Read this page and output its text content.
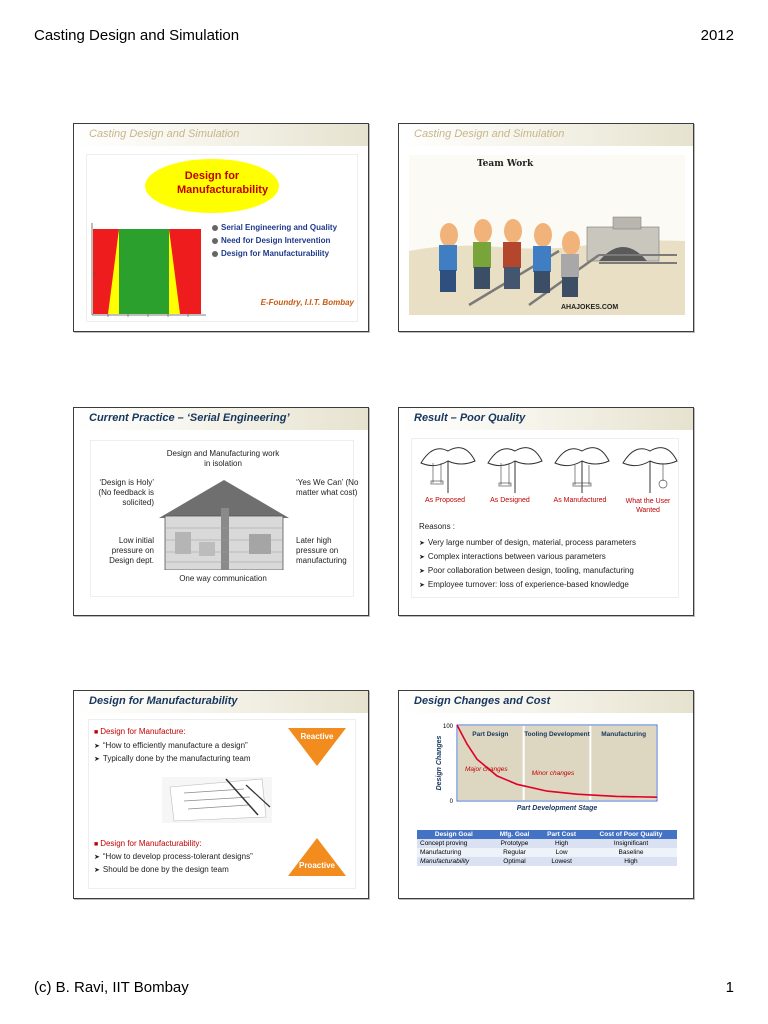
Casting Design and Simulation	2012
Casting Design and Simulation
Design for Manufacturability
Serial Engineering and Quality
Need for Design Intervention
Design for Manufacturability
E-Foundry, I.I.T. Bombay
Casting Design and Simulation
Team Work
AHAJOKES.COM
Current Practice – ‘Serial Engineering’
Design and Manufacturing work in isolation
‘Design is Holy’ (No feedback is solicited)
‘Yes We Can’ (No matter what cost)
Low initial pressure on Design dept.
Later high pressure on manufacturing
One way communication
Result – Poor Quality
As Proposed	As Designed	As Manufactured	What the User Wanted
Reasons :
➤ Very large number of design, material, process parameters
➤ Complex interactions between various parameters
➤ Poor collaboration between design, tooling, manufacturing
➤ Employee turnover: loss of experience-based knowledge
Design for Manufacturability
■ Design for Manufacture:
➤ “How to efficiently manufacture a design”
➤ Typically done by the manufacturing team
Reactive
■ Design for Manufacturability:
➤ “How to develop process-tolerant designs”
➤ Should be done by the design team	Proactive
Design Changes and Cost
100
0
Design Changes
Part Development Stage
Part Design Tooling Development Manufacturing
Major changes
Minor changes
Design Goal	Mfg. Goal	Part Cost	Cost of Poor Quality
Concept proving	Prototype	High	Insignificant
Manufacturing	Regular	Low	Baseline
Manufacturability	Optimal	Lowest	High
(c) B. Ravi, IIT Bombay	1
